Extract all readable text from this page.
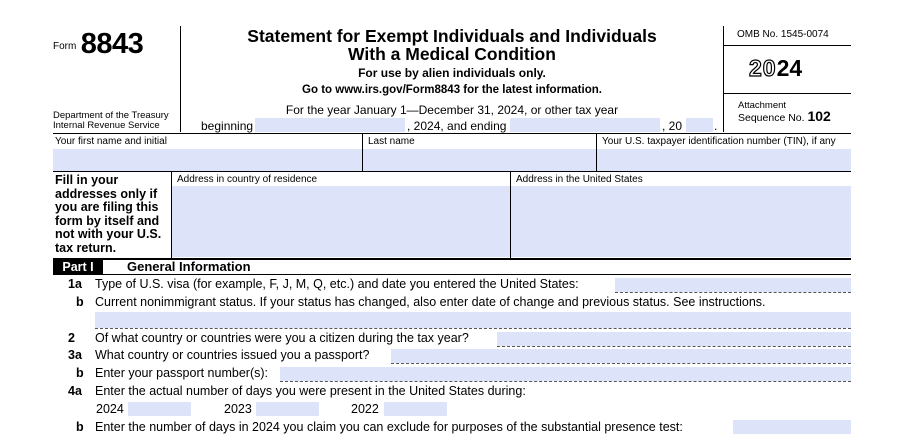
$^{Form}$ 8843
Department of the Treasury
Internal Revenue Service
Statement for Exempt Individuals and Individuals
With a Medical Condition
For use by alien individuals only.
Go to www.irs.gov/Form8843 for the latest information.
For the year January 1—December 31, 2024, or other tax year
beginning	, 2024, and ending	, 20	.
OMB No. 1545-0074
2024
Attachment
Sequence No. 102
Your first name and initial	Last name	Your U.S. taxpayer identification number (TIN), if any
Fill in your
addresses only if
you are filing this
form by itself and
not with your U.S.
tax return.
Address in country of residence	Address in the United States
Part I	General Information
1a Type of U.S. visa (for example, F, J, M, Q, etc.) and date you entered the United States:
b Current nonimmigrant status. If your status has changed, also enter date of change and previous status. See instructions.
2 Of what country or countries were you a citizen during the tax year?
3a What country or countries issued you a passport?
b Enter your passport number(s):
4a Enter the actual number of days you were present in the United States during:
2024	2023	2022
b Enter the number of days in 2024 you claim you can exclude for purposes of the substantial presence test:
